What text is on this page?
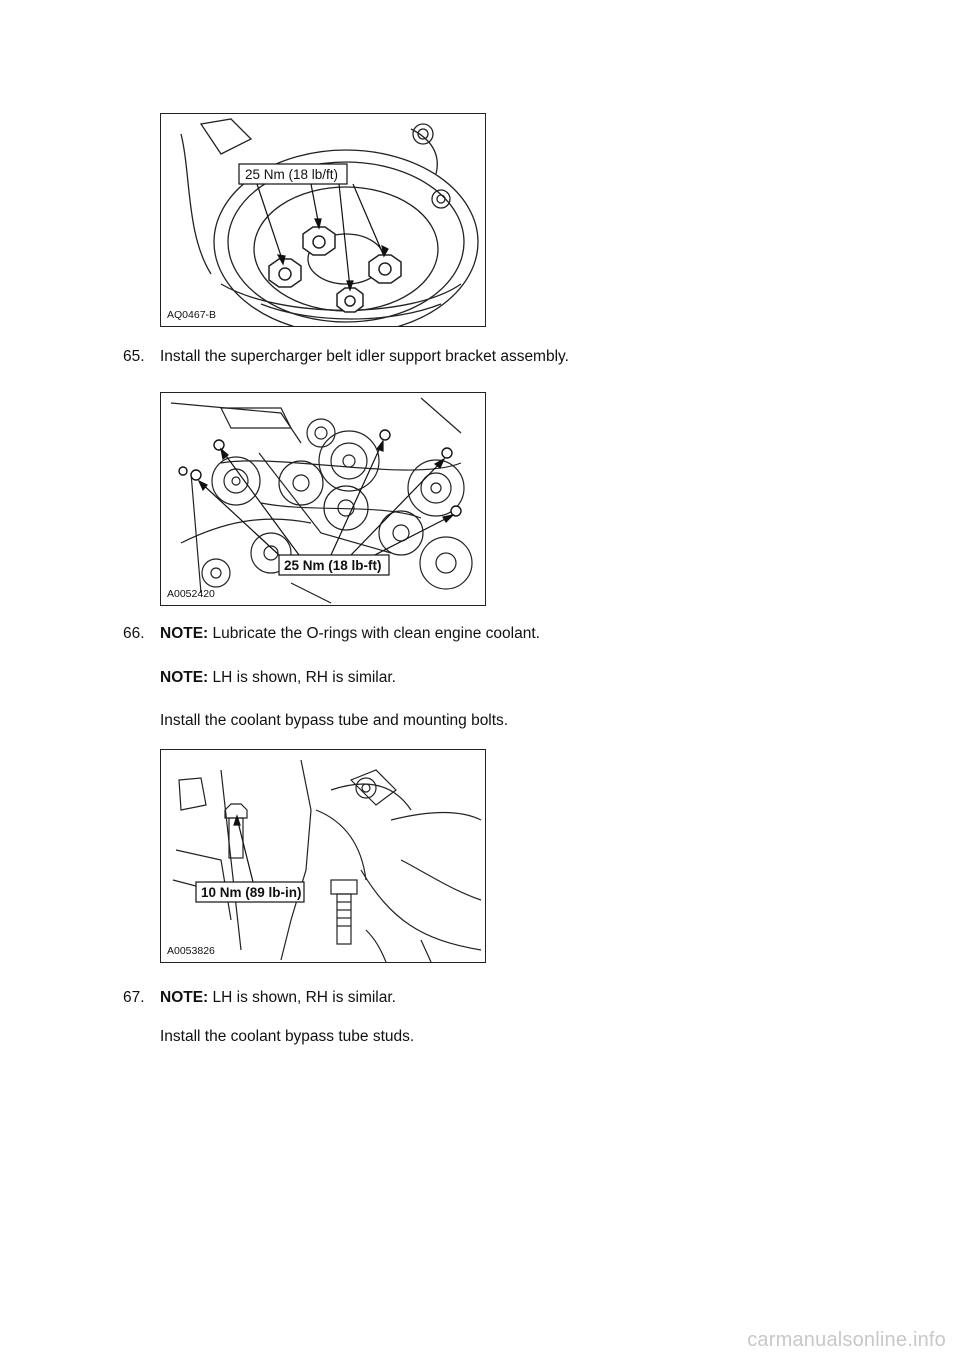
25 Nm (18 lb/ft)
AQ0467-B
65. Install the supercharger belt idler support bracket assembly.
25 Nm (18 lb-ft)
A0052420
66. NOTE: Lubricate the O-rings with clean engine coolant.
NOTE: LH is shown, RH is similar.
Install the coolant bypass tube and mounting bolts.
10 Nm (89 lb-in)
A0053826
67. NOTE: LH is shown, RH is similar.
Install the coolant bypass tube studs.
carmanualsonline.info
